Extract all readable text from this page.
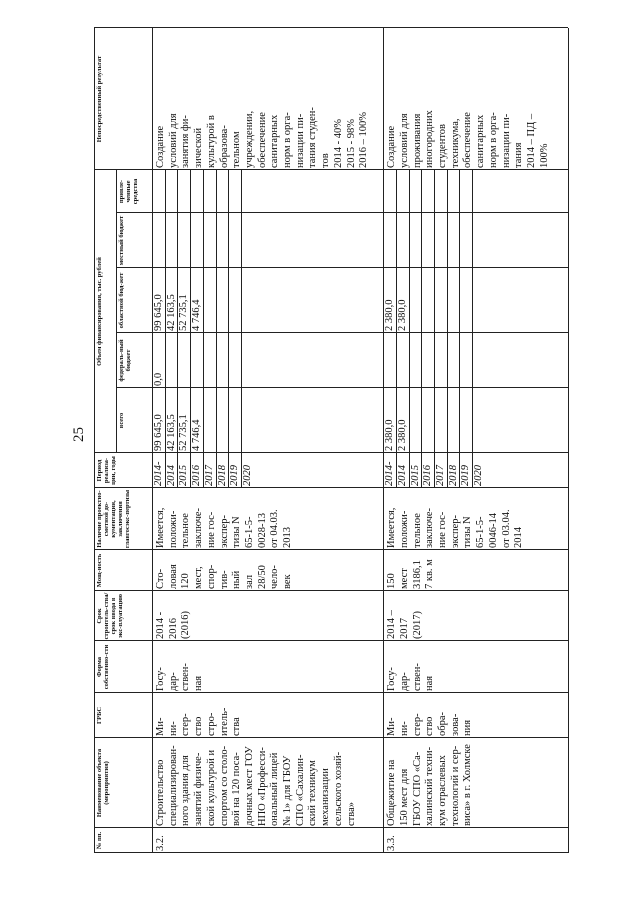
25
№ пп.
Наименование объекта (мероприятия)
ГРБС
Форма собственно-сти
Срок строитель-ства/срок ввода в экс-плуатацию
Мощ-ность
Наличие проектно-сметной до-кументации, заключения главгосэкс-пертизы
Период реализа-ции, годы
Непосредственный результат
Объем финансирования, тыс. рублей
всего
федераль-ный бюджет
областной бюд-жет
местный бюджет
привле-ченные средства
3.2.
Строительство специализирован- ного здания для занятий физиче- ской культурой и спортом со столо- вой на 120 поса- дочных мест ГОУ НПО «Професси- ональный лицей № 1» для ГБОУ СПО «Сахалин- ский техникум механизации сельского хозяй- ства»
Ми- ни- стер- ство стро- итель- ства
Госу- дар- ствен- ная
2014 - 2016 (2016)
Сто- ловая 120 мест, спор- тив- ный зал 28/50 чело- век
Имеется, положи- тельное заключе- ние гос- экспер- тизы N 65-1-5- 0028-13 от 04.03. 2013
Создание условий для занятия фи- зической культурой в образова- тельном учреждении, обеспечение санитарных норм в орга- низации пи- тания студен- тов 2014 - 40% 2015 - 98% 2016 – 100%
2014-
99 645,0
0,0
99 645,0
2014
42 163,5
42 163,5
2015
52 735,1
52 735,1
2016
4 746,4
4 746,4
2017 2018 2019 2020
3.3.
Общежитие на 150 мест для ГБОУ СПО «Са- халинский техни- кум отраслевых технологий и сер- виса» в г. Холмске
Ми- ни- стер- ство обра- зова- ния
Госу- дар- ствен- ная
2014 – 2017 (2017)
150 мест 3186,1 7 кв. м
Имеется, положи- тельное заключе- ние гос- экспер- тизы N 65-1-5- 0046-14 от 03.04. 2014
Создание условий для проживания иногородних студентов техникума, обеспечение санитарных норм в орга- низации пи- тания 2014 – ПД – 100%
2014-
2 380,0
2 380,0
2014
2 380,0
2 380,0
2015 2016 2017 2018 2019 2020
